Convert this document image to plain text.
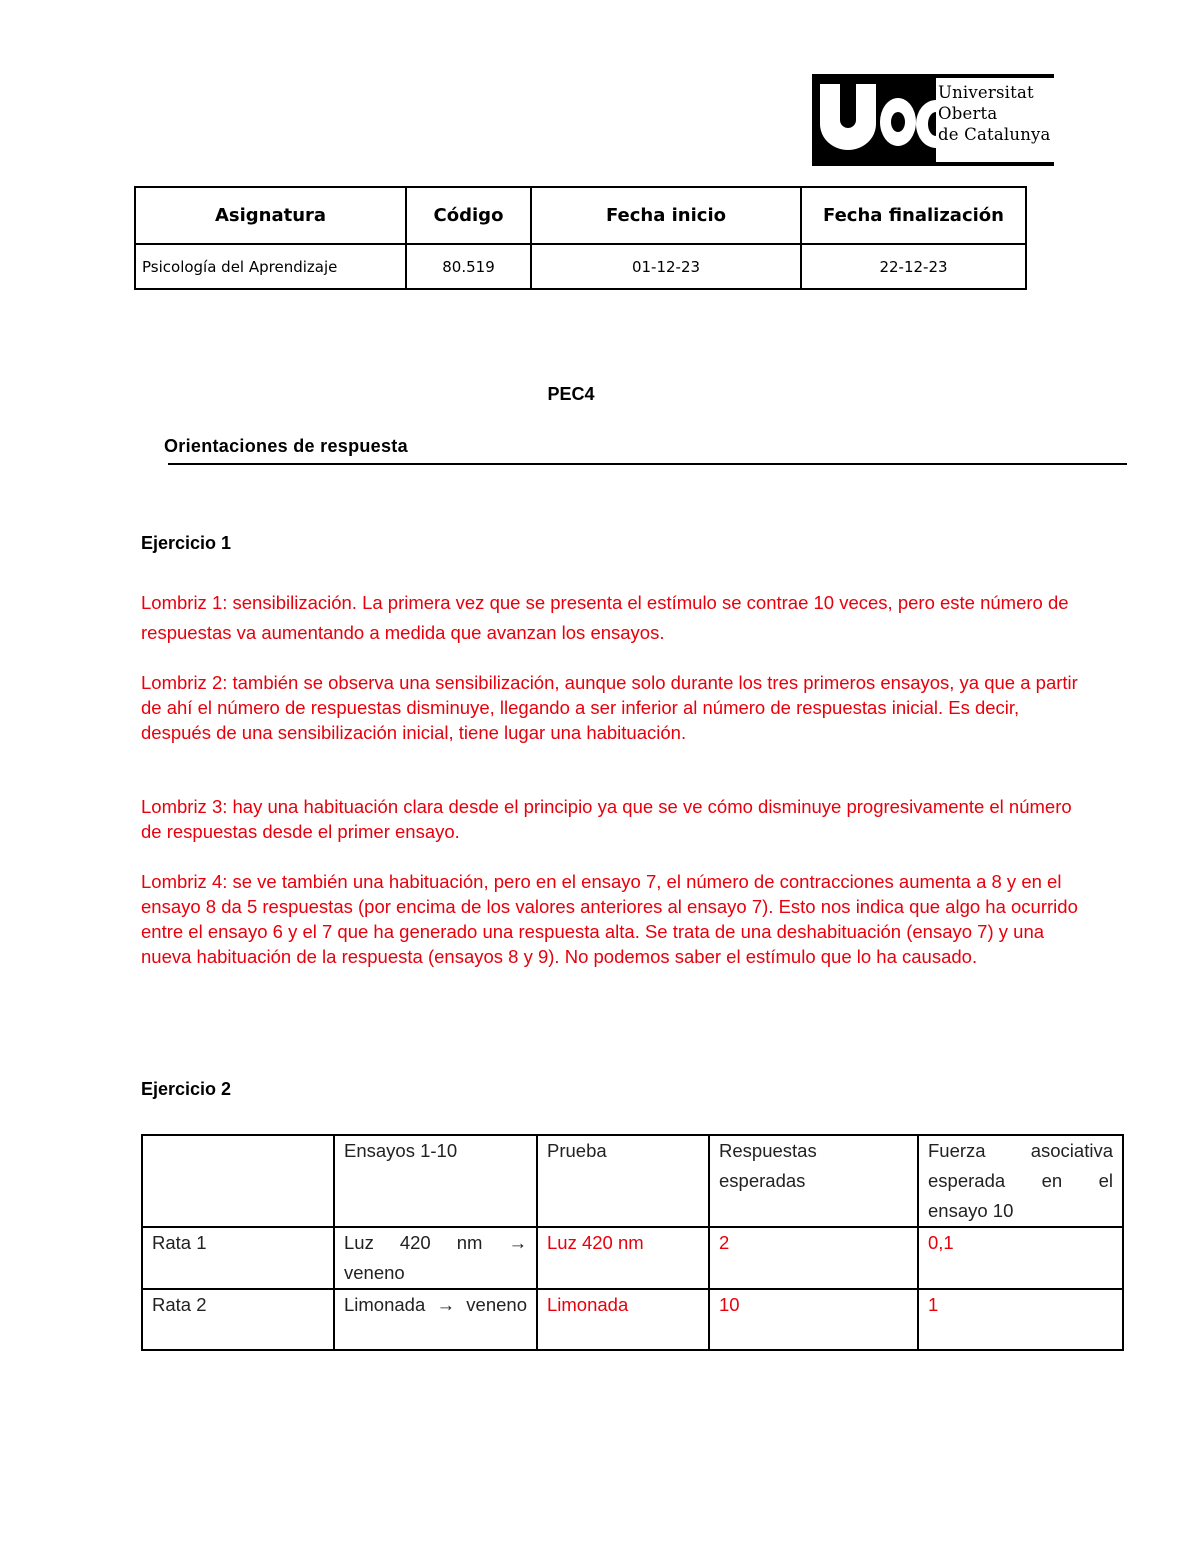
Universitat
Oberta
de Catalunya
Asignatura	Código	Fecha inicio	Fecha finalización
Psicología del Aprendizaje	80.519	01-12-23	22-12-23
PEC4
Orientaciones de respuesta
Ejercicio 1
Lombriz 1: sensibilización. La primera vez que se presenta el estímulo se contrae 10 veces, pero este número de respuestas va aumentando a medida que avanzan los ensayos.
Lombriz 2: también se observa una sensibilización, aunque solo durante los tres primeros ensayos, ya que a partir de ahí el número de respuestas disminuye, llegando a ser inferior al número de respuestas inicial. Es decir, después de una sensibilización inicial, tiene lugar una habituación.
Lombriz 3: hay una habituación clara desde el principio ya que se ve cómo disminuye progresivamente el número de respuestas desde el primer ensayo.
Lombriz 4: se ve también una habituación, pero en el ensayo 7, el número de contracciones aumenta a 8 y en el ensayo 8 da 5 respuestas (por encima de los valores anteriores al ensayo 7). Esto nos indica que algo ha ocurrido entre el ensayo 6 y el 7 que ha generado una respuesta alta. Se trata de una deshabituación (ensayo 7) y una nueva habituación de la respuesta (ensayos 8 y 9). No podemos saber el estímulo que lo ha causado.
Ejercicio 2
	Ensayos 1-10	Prueba	Respuestas esperadas	Fuerza asociativa esperada en el ensayo 10
Rata 1	Luz 420 nm → veneno	Luz 420 nm	2	0,1
Rata 2	Limonada → veneno	Limonada	10	1
